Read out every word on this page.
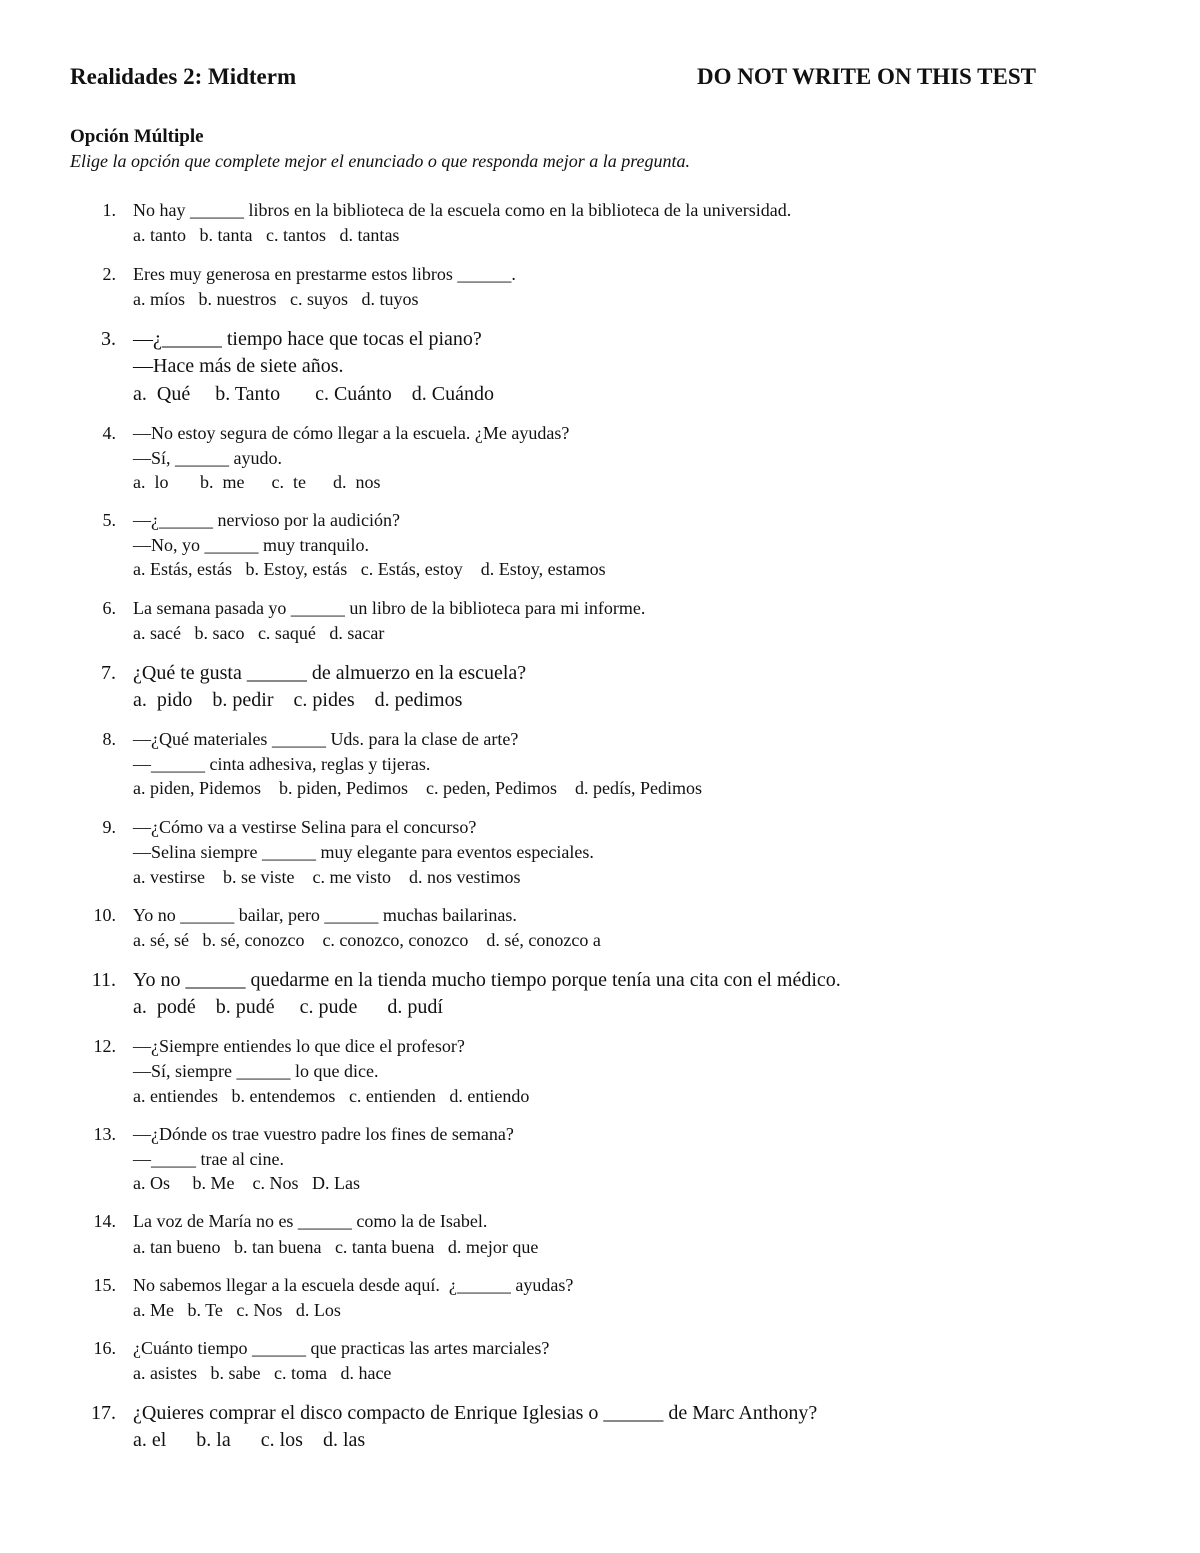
Realidades 2: Midterm	DO NOT WRITE ON THIS TEST
Opción Múltiple
Elige la opción que complete mejor el enunciado o que responda mejor a la pregunta.
1. No hay ______ libros en la biblioteca de la escuela como en la biblioteca de la universidad.
a. tanto   b. tanta   c. tantos   d. tantas
2. Eres muy generosa en prestarme estos libros ______.
a. míos   b. nuestros   c. suyos   d. tuyos
3. —¿______ tiempo hace que tocas el piano?
—Hace más de siete años.
a.  Qué     b. Tanto       c. Cuánto    d. Cuándo
4. —No estoy segura de cómo llegar a la escuela. ¿Me ayudas?
—Sí, ______ ayudo.
a.  lo       b.  me      c.  te      d.  nos
5. —¿______ nervioso por la audición?
—No, yo ______ muy tranquilo.
a. Estás, estás   b. Estoy, estás   c. Estás, estoy    d. Estoy, estamos
6. La semana pasada yo ______ un libro de la biblioteca para mi informe.
a. sacé   b. saco   c. saqué   d. sacar
7. ¿Qué te gusta ______ de almuerzo en la escuela?
a.  pido    b. pedir    c. pides    d. pedimos
8. —¿Qué materiales ______ Uds. para la clase de arte?
—______ cinta adhesiva, reglas y tijeras.
a. piden, Pidemos    b. piden, Pedimos    c. peden, Pedimos    d. pedís, Pedimos
9. —¿Cómo va a vestirse Selina para el concurso?
—Selina siempre ______ muy elegante para eventos especiales.
a. vestirse    b. se viste    c. me visto    d. nos vestimos
10. Yo no ______ bailar, pero ______ muchas bailarinas.
a. sé, sé   b. sé, conozco    c. conozco, conozco    d. sé, conozco a
11. Yo no ______ quedarme en la tienda mucho tiempo porque tenía una cita con el médico.
a.  podé    b. pudé     c. pude      d. pudí
12. —¿Siempre entiendes lo que dice el profesor?
—Sí, siempre ______ lo que dice.
a. entiendes   b. entendemos   c. entienden   d. entiendo
13. —¿Dónde os trae vuestro padre los fines de semana?
—_____ trae al cine.
a. Os     b. Me    c. Nos   D. Las
14. La voz de María no es ______ como la de Isabel.
a. tan bueno   b. tan buena   c. tanta buena   d. mejor que
15. No sabemos llegar a la escuela desde aquí.  ¿______ ayudas?
a. Me   b. Te   c. Nos   d. Los
16. ¿Cuánto tiempo ______ que practicas las artes marciales?
a. asistes   b. sabe   c. toma   d. hace
17. ¿Quieres comprar el disco compacto de Enrique Iglesias o ______ de Marc Anthony?
a. el      b. la      c. los    d. las
